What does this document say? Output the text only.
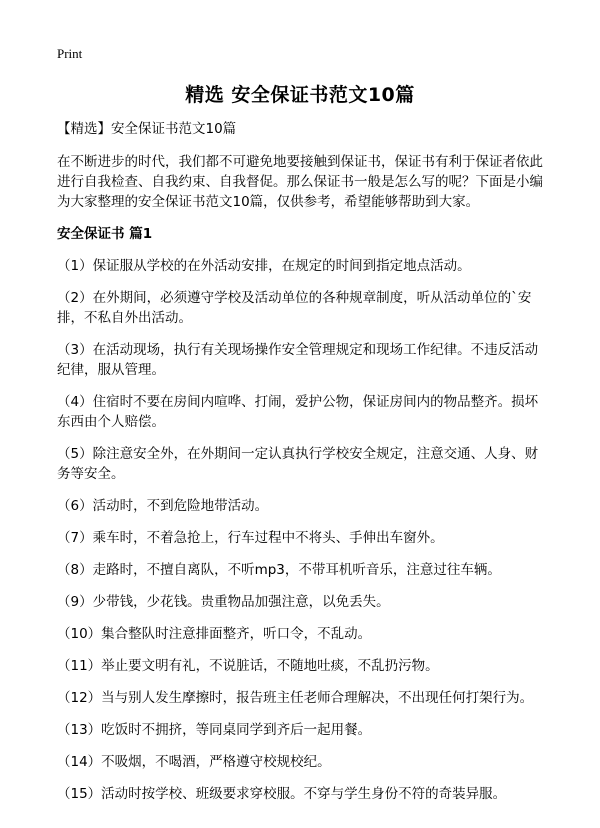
Print
精选 安全保证书范文10篇

【精选】安全保证书范文10篇

在不断进步的时代，我们都不可避免地要接触到保证书，保证书有利于保证者依此进行自我检查、自我约束、自我督促。那么保证书一般是怎么写的呢？下面是小编为大家整理的安全保证书范文10篇，仅供参考，希望能够帮助到大家。

安全保证书 篇1

（1）保证服从学校的在外活动安排，在规定的时间到指定地点活动。
（2）在外期间，必须遵守学校及活动单位的各种规章制度，听从活动单位的`安排，不私自外出活动。
（3）在活动现场，执行有关现场操作安全管理规定和现场工作纪律。不违反活动纪律，服从管理。
（4）住宿时不要在房间内喧哗、打闹，爱护公物，保证房间内的物品整齐。损坏东西由个人赔偿。
（5）除注意安全外，在外期间一定认真执行学校安全规定，注意交通、人身、财务等安全。
（6）活动时，不到危险地带活动。
（7）乘车时，不着急抢上，行车过程中不将头、手伸出车窗外。
（8）走路时，不擅自离队，不听mp3，不带耳机听音乐，注意过往车辆。
（9）少带钱，少花钱。贵重物品加强注意，以免丢失。
（10）集合整队时注意排面整齐，听口令，不乱动。
（11）举止要文明有礼，不说脏话，不随地吐痰，不乱扔污物。
（12）当与别人发生摩擦时，报告班主任老师合理解决，不出现任何打架行为。
（13）吃饭时不拥挤，等同桌同学到齐后一起用餐。
（14）不吸烟，不喝酒，严格遵守校规校纪。
（15）活动时按学校、班级要求穿校服。不穿与学生身份不符的奇装异服。
